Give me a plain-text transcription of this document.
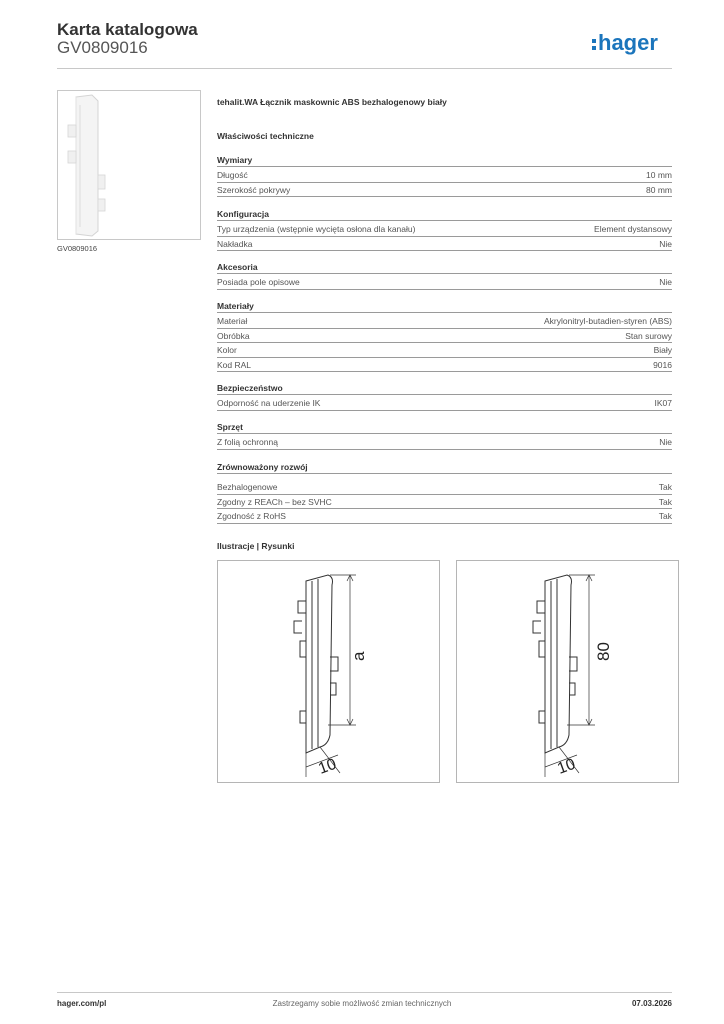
Karta katalogowa
GV0809016	hager
GV0809016
tehalit.WA Łącznik maskownic ABS bezhalogenowy biały
Właściwości techniczne
Wymiary
Długość	10 mm
Szerokość pokrywy	80 mm
Konfiguracja
Typ urządzenia (wstępnie wycięta osłona dla kanału)	Element dystansowy
Nakładka	Nie
Akcesoria
Posiada pole opisowe	Nie
Materiały
Materiał	Akrylonitryl-butadien-styren (ABS)
Obróbka	Stan surowy
Kolor	Biały
Kod RAL	9016
Bezpieczeństwo
Odporność na uderzenie IK	IK07
Sprzęt
Z folią ochronną	Nie
Zrównoważony rozwój
Bezhalogenowe	Tak
Zgodny z REACh – bez SVHC	Tak
Zgodność z RoHS	Tak
Ilustracje | Rysunki
a
10
80
10
hager.com/pl	Zastrzegamy sobie możliwość zmian technicznych	07.03.2026
